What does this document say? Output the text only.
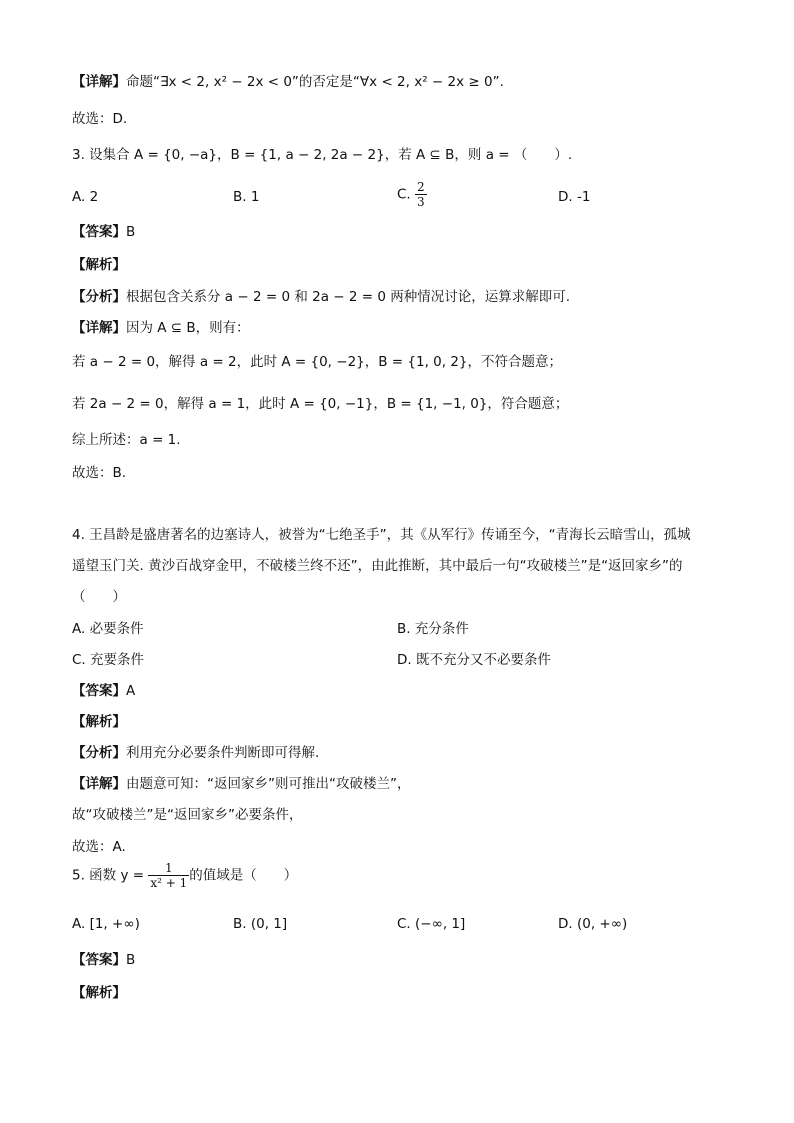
【详解】命题“∃x < 2, x² − 2x < 0”的否定是“∀x < 2, x² − 2x ≥ 0”.
故选：D.
3. 设集合 A = {0, −a}，B = {1, a − 2, 2a − 2}，若 A ⊆ B，则 a = （　　）.
A. 2	B. 1	C. $\frac{2}{3}$	D. -1
【答案】B
【解析】
【分析】根据包含关系分 a − 2 = 0 和 2a − 2 = 0 两种情况讨论，运算求解即可.
【详解】因为 A ⊆ B，则有：
若 a − 2 = 0，解得 a = 2，此时 A = {0, −2}，B = {1, 0, 2}，不符合题意；
若 2a − 2 = 0，解得 a = 1，此时 A = {0, −1}，B = {1, −1, 0}，符合题意；
综上所述：a = 1.
故选：B.
4. 王昌龄是盛唐著名的边塞诗人，被誉为“七绝圣手”，其《从军行》传诵至今，“青海长云暗雪山，孤城
遥望玉门关. 黄沙百战穿金甲，不破楼兰终不还”，由此推断，其中最后一句“攻破楼兰”是“返回家乡”的
（　　）
A. 必要条件	B. 充分条件
C. 充要条件	D. 既不充分又不必要条件
【答案】A
【解析】
【分析】利用充分必要条件判断即可得解.
【详解】由题意可知：“返回家乡”则可推出“攻破楼兰”，
故“攻破楼兰”是“返回家乡”必要条件，
故选：A.
5. 函数 $y = \frac{1}{\text{x² + 1}}$ 的值域是（　　）
A. [1, +∞)	B. (0, 1]	C. (−∞, 1]	D. (0, +∞)
【答案】B
【解析】
